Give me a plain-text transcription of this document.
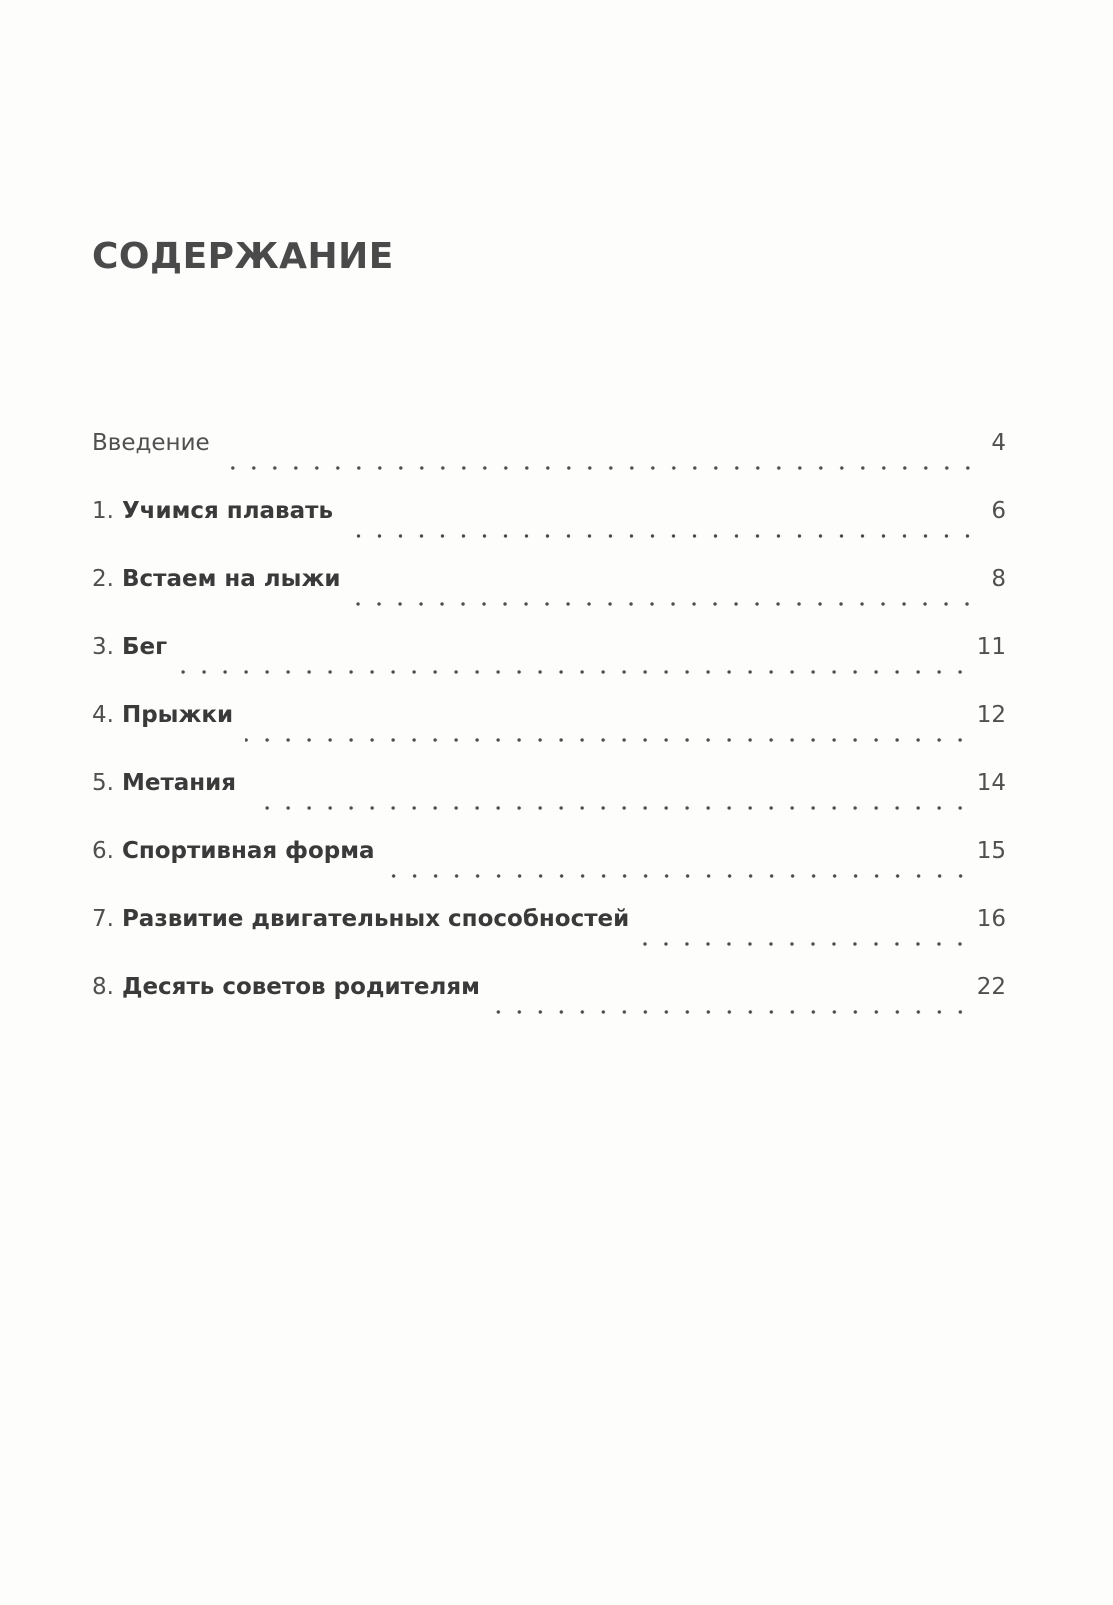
СОДЕРЖАНИЕ
Введение	4
1. Учимся плавать	6
2. Встаем на лыжи	8
3. Бег	11
4. Прыжки	12
5. Метания	14
6. Спортивная форма	15
7. Развитие двигательных способностей	16
8. Десять советов родителям	22
